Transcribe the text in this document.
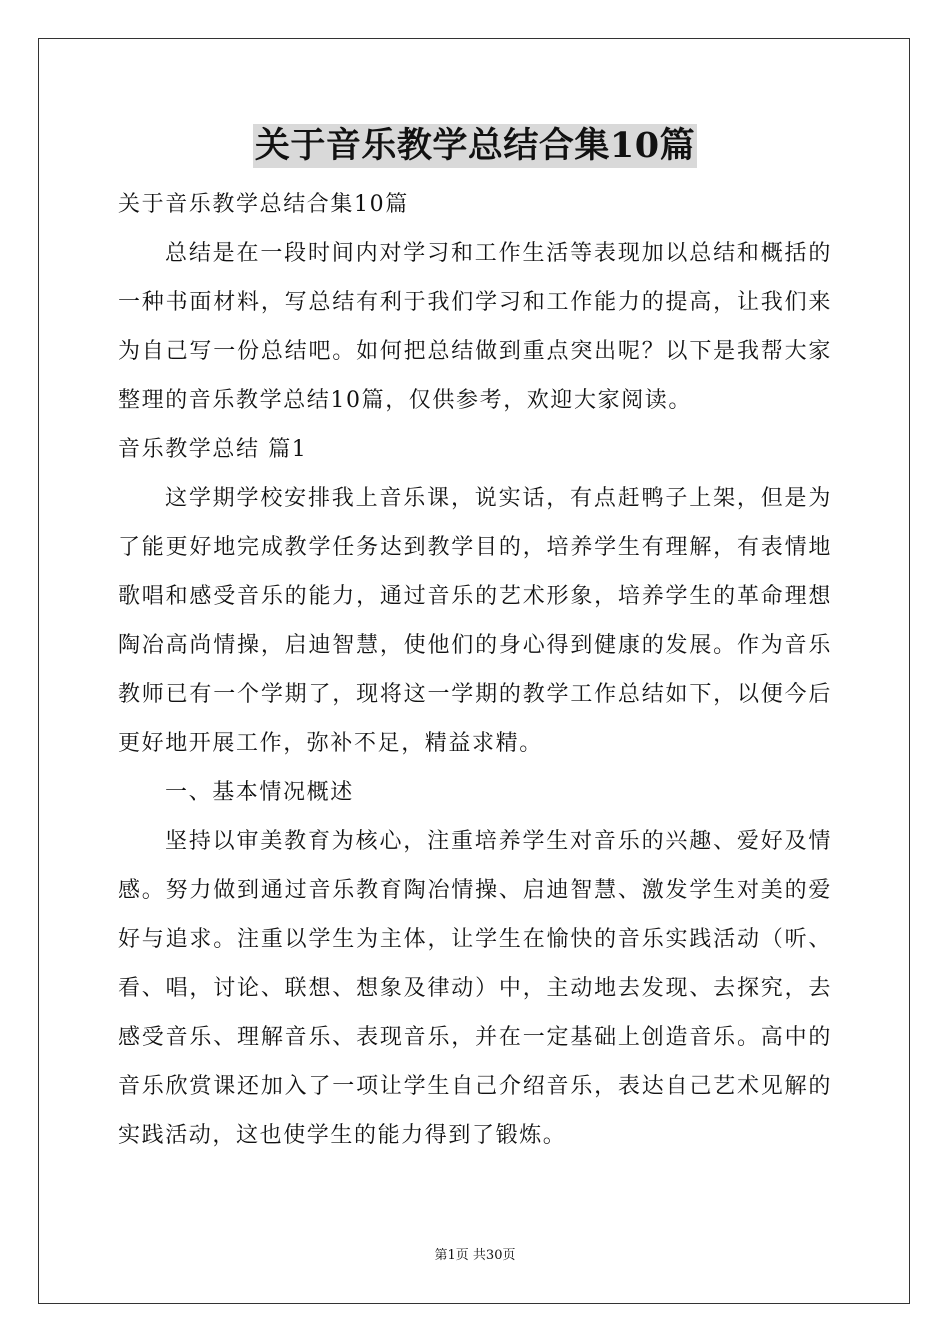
关于音乐教学总结合集10篇

关于音乐教学总结合集10篇

总结是在一段时间内对学习和工作生活等表现加以总结和概括的一种书面材料，写总结有利于我们学习和工作能力的提高，让我们来为自己写一份总结吧。如何把总结做到重点突出呢？以下是我帮大家整理的音乐教学总结10篇，仅供参考，欢迎大家阅读。

音乐教学总结 篇1

这学期学校安排我上音乐课，说实话，有点赶鸭子上架，但是为了能更好地完成教学任务达到教学目的，培养学生有理解，有表情地歌唱和感受音乐的能力，通过音乐的艺术形象，培养学生的革命理想陶冶高尚情操，启迪智慧，使他们的身心得到健康的发展。作为音乐教师已有一个学期了，现将这一学期的教学工作总结如下，以便今后更好地开展工作，弥补不足，精益求精。

一、基本情况概述

坚持以审美教育为核心，注重培养学生对音乐的兴趣、爱好及情感。努力做到通过音乐教育陶冶情操、启迪智慧、激发学生对美的爱好与追求。注重以学生为主体，让学生在愉快的音乐实践活动（听、看、唱，讨论、联想、想象及律动）中，主动地去发现、去探究，去感受音乐、理解音乐、表现音乐，并在一定基础上创造音乐。高中的音乐欣赏课还加入了一项让学生自己介绍音乐，表达自己艺术见解的实践活动，这也使学生的能力得到了锻炼。

第1页 共30页
